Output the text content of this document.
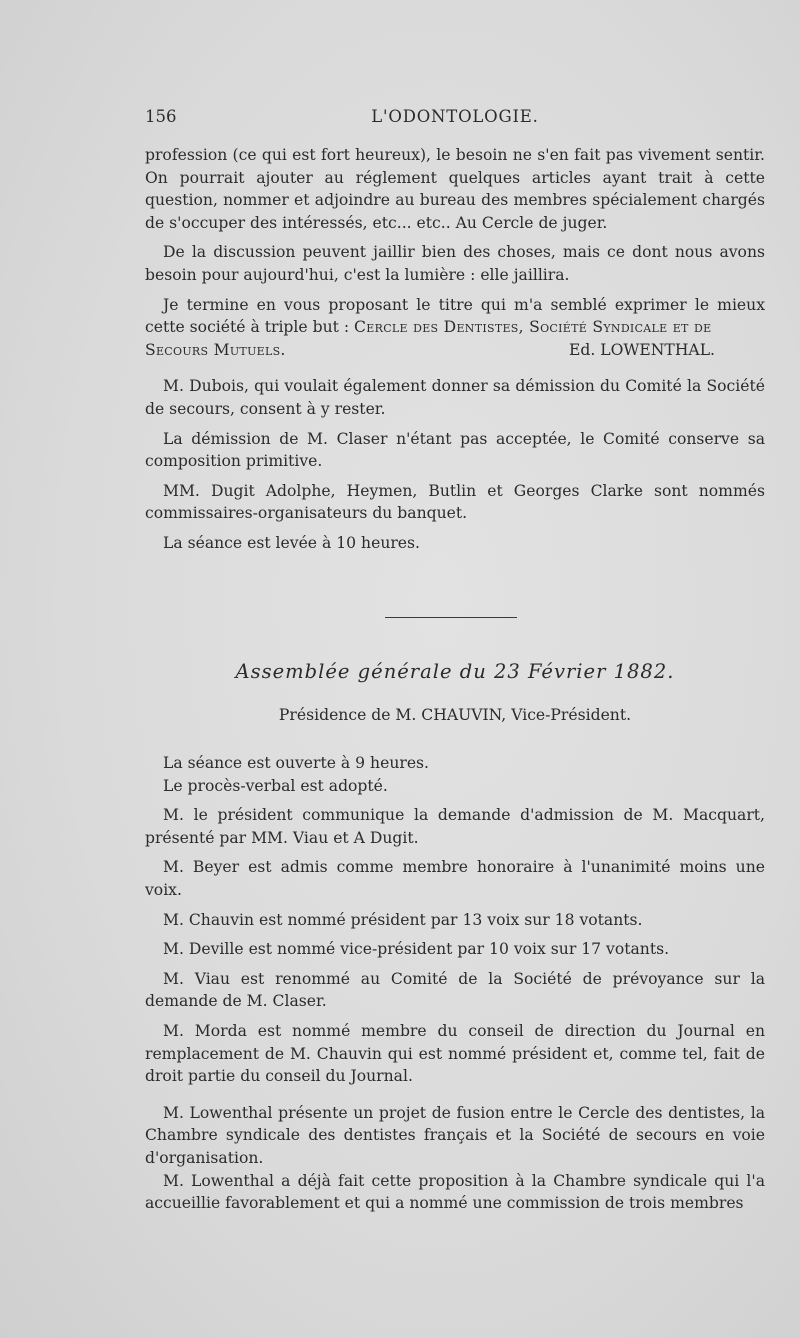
156	L'ODONTOLOGIE.

profession (ce qui est fort heureux), le besoin ne s'en fait pas vivement sentir. On pourrait ajouter au réglement quelques articles ayant trait à cette question, nommer et adjoindre au bureau des membres spécialement chargés de s'occuper des intéressés, etc... etc.. Au Cercle de juger.

De la discussion peuvent jaillir bien des choses, mais ce dont nous avons besoin pour aujourd'hui, c'est la lumière : elle jaillira.

Je termine en vous proposant le titre qui m'a semblé exprimer le mieux cette société à triple but : Cercle des Dentistes, Société Syndicale et de

Secours Mutuels.	Ed. LOWENTHAL.

M. Dubois, qui voulait également donner sa démission du Comité la Société de secours, consent à y rester.

La démission de M. Claser n'étant pas acceptée, le Comité conserve sa composition primitive.

MM. Dugit Adolphe, Heymen, Butlin et Georges Clarke sont nommés commissaires-organisateurs du banquet.

La séance est levée à 10 heures.

Assemblée générale du 23 Février 1882.
Présidence de M. CHAUVIN, Vice-Président.

La séance est ouverte à 9 heures.

Le procès-verbal est adopté.

M. le président communique la demande d'admission de M. Macquart, présenté par MM. Viau et A Dugit.

M. Beyer est admis comme membre honoraire à l'unanimité moins une voix.

M. Chauvin est nommé président par 13 voix sur 18 votants.

M. Deville est nommé vice-président par 10 voix sur 17 votants.

M. Viau est renommé au Comité de la Société de prévoyance sur la demande de M. Claser.

M. Morda est nommé membre du conseil de direction du Journal en remplacement de M. Chauvin qui est nommé président et, comme tel, fait de droit partie du conseil du Journal.

M. Lowenthal présente un projet de fusion entre le Cercle des dentistes, la Chambre syndicale des dentistes français et la Société de secours en voie d'organisation.

M. Lowenthal a déjà fait cette proposition à la Chambre syndicale qui l'a accueillie favorablement et qui a nommé une commission de trois membres
